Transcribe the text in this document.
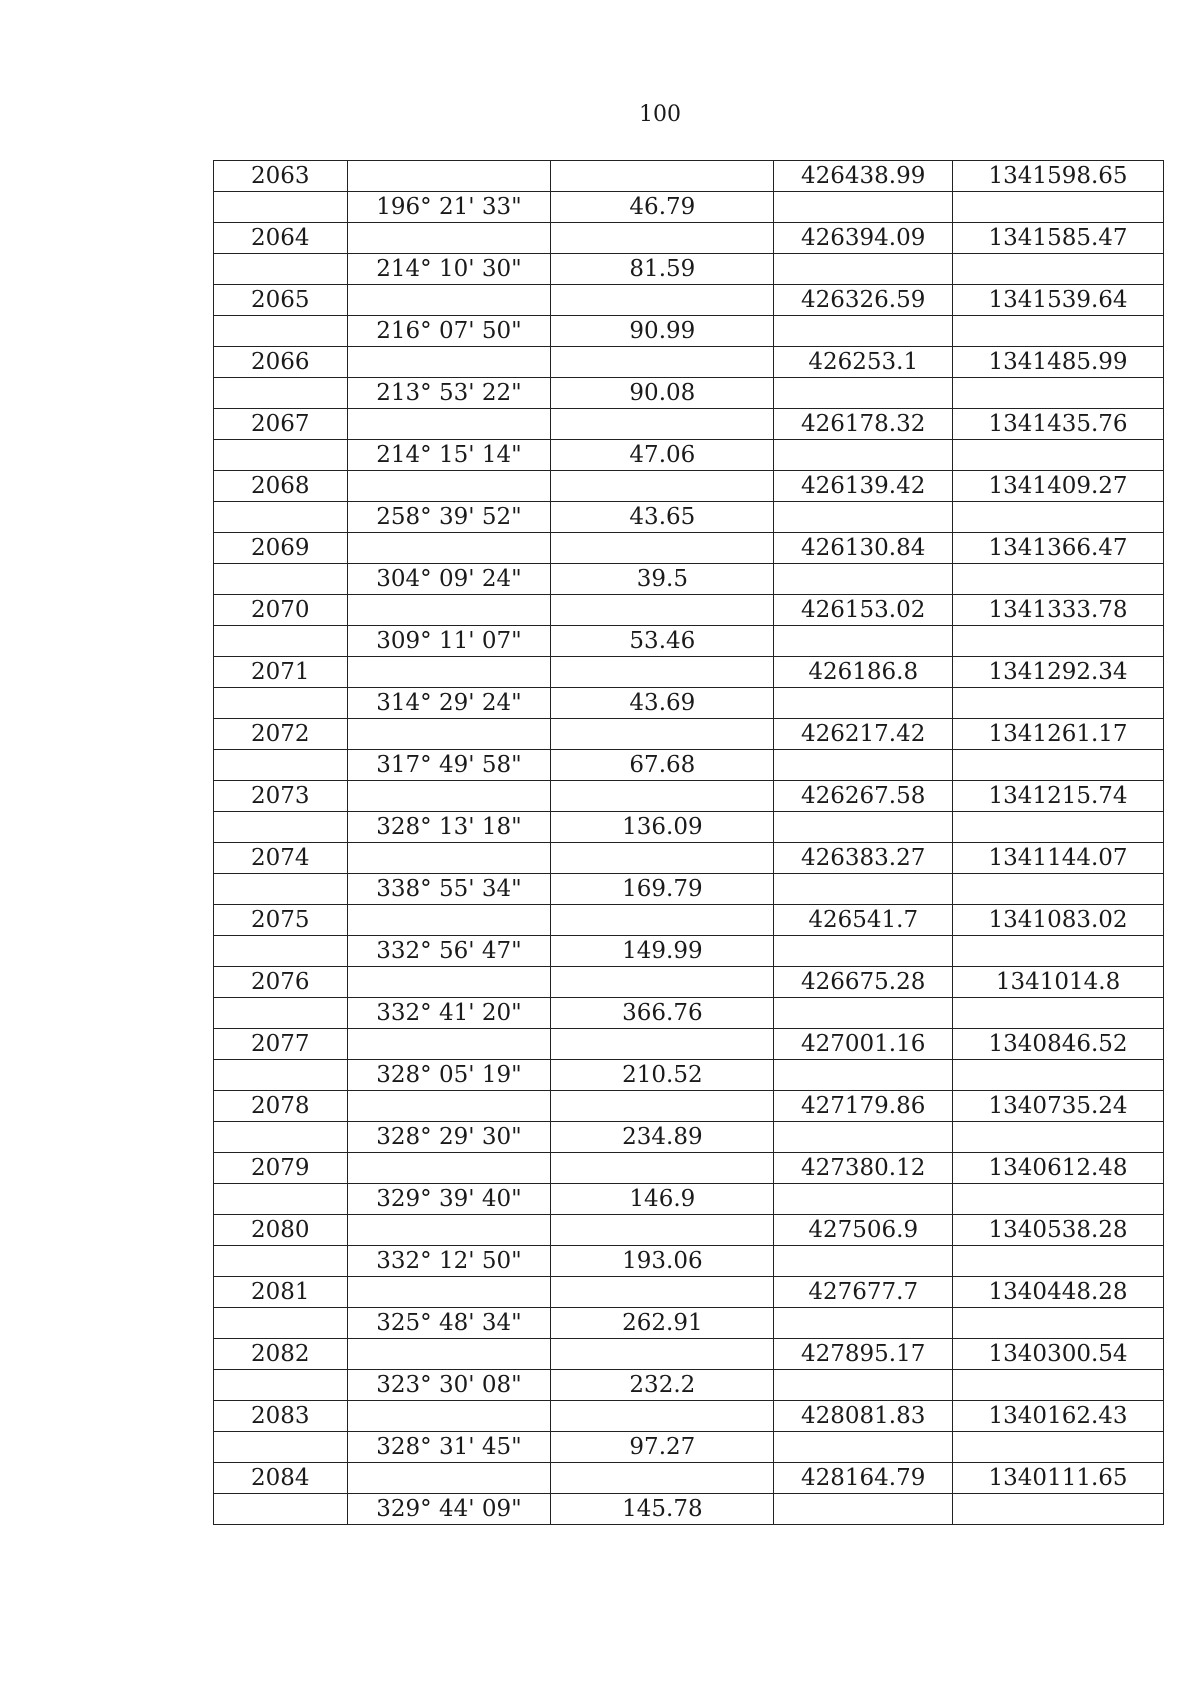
100
2063			426438.99	1341598.65
	196° 21' 33"	46.79		
2064			426394.09	1341585.47
	214° 10' 30"	81.59		
2065			426326.59	1341539.64
	216° 07' 50"	90.99		
2066			426253.1	1341485.99
	213° 53' 22"	90.08		
2067			426178.32	1341435.76
	214° 15' 14"	47.06		
2068			426139.42	1341409.27
	258° 39' 52"	43.65		
2069			426130.84	1341366.47
	304° 09' 24"	39.5		
2070			426153.02	1341333.78
	309° 11' 07"	53.46		
2071			426186.8	1341292.34
	314° 29' 24"	43.69		
2072			426217.42	1341261.17
	317° 49' 58"	67.68		
2073			426267.58	1341215.74
	328° 13' 18"	136.09		
2074			426383.27	1341144.07
	338° 55' 34"	169.79		
2075			426541.7	1341083.02
	332° 56' 47"	149.99		
2076			426675.28	1341014.8
	332° 41' 20"	366.76		
2077			427001.16	1340846.52
	328° 05' 19"	210.52		
2078			427179.86	1340735.24
	328° 29' 30"	234.89		
2079			427380.12	1340612.48
	329° 39' 40"	146.9		
2080			427506.9	1340538.28
	332° 12' 50"	193.06		
2081			427677.7	1340448.28
	325° 48' 34"	262.91		
2082			427895.17	1340300.54
	323° 30' 08"	232.2		
2083			428081.83	1340162.43
	328° 31' 45"	97.27		
2084			428164.79	1340111.65
	329° 44' 09"	145.78		
